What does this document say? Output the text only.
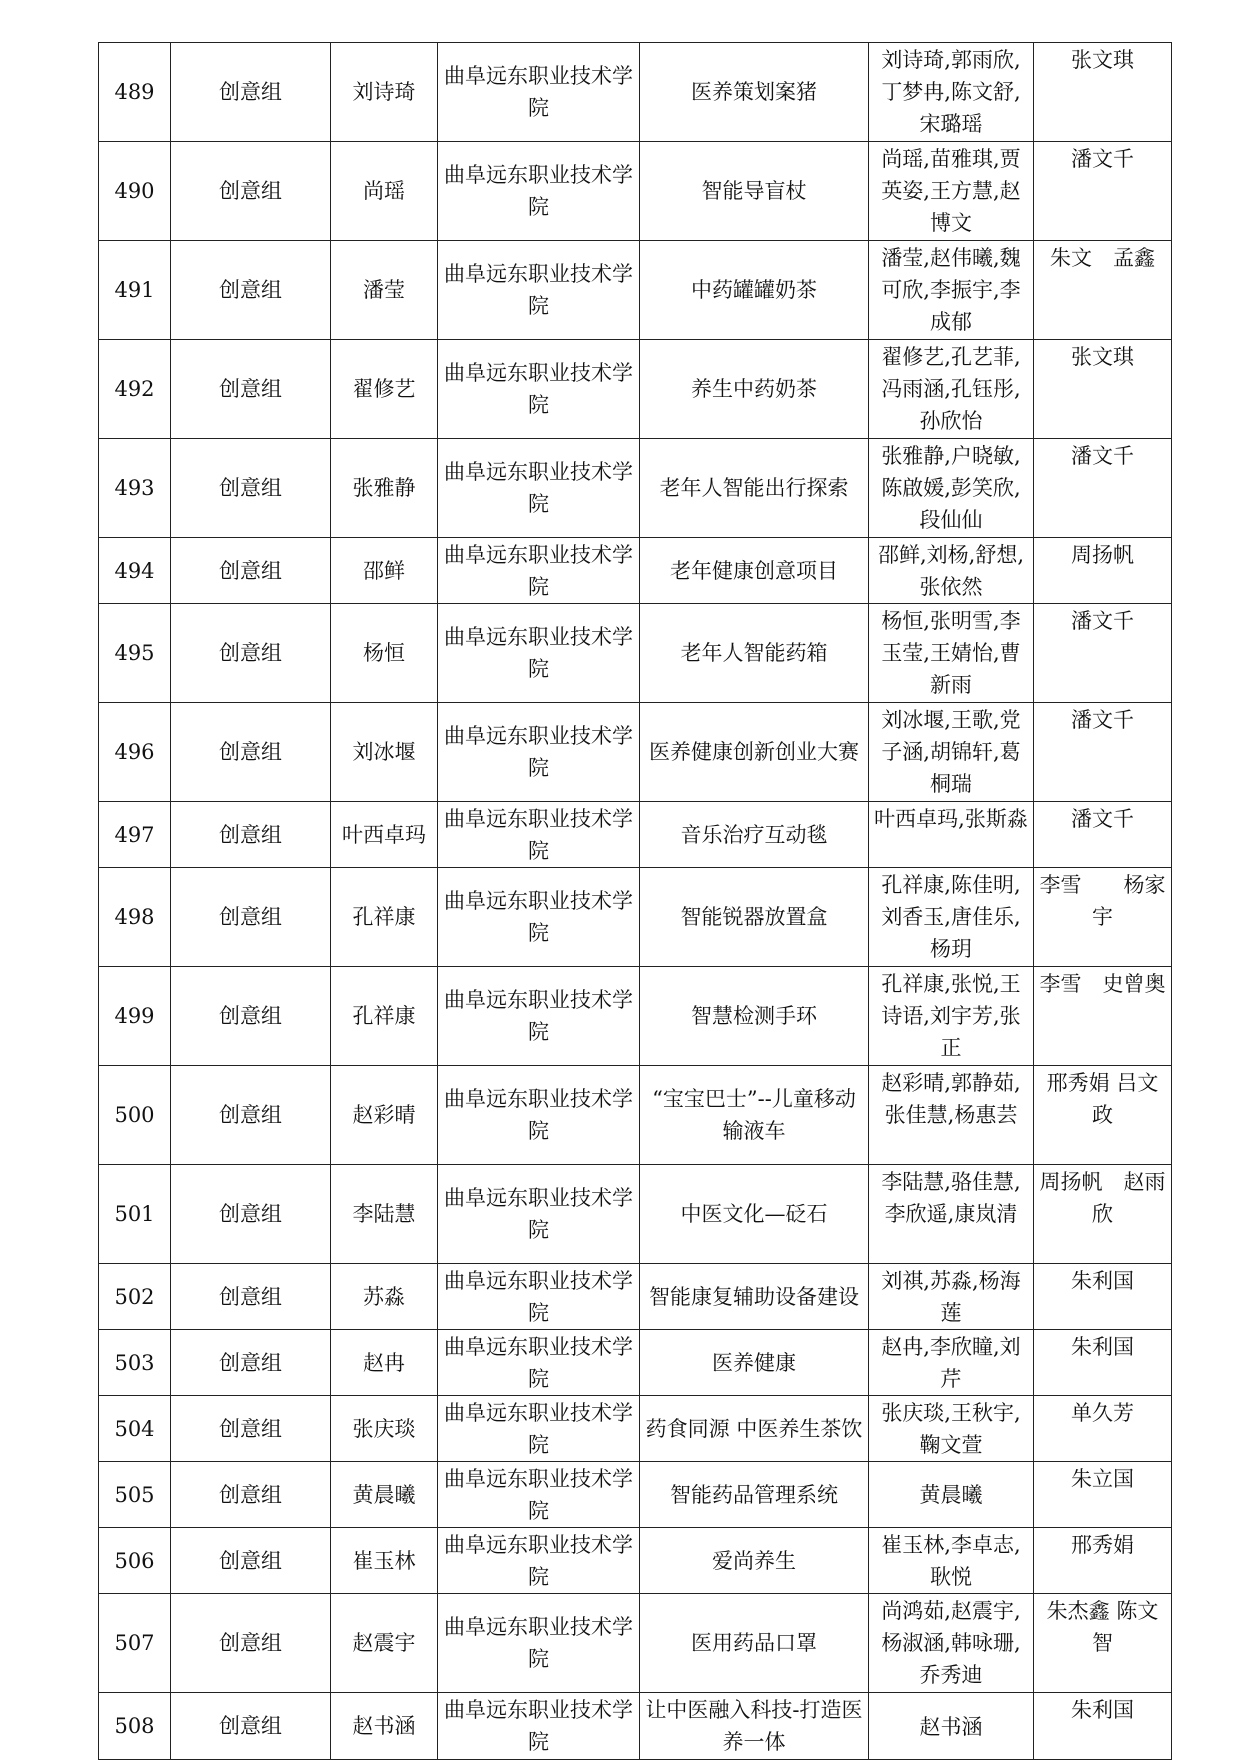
489	创意组	刘诗琦	曲阜远东职业技术学院	医养策划案猪	刘诗琦,郭雨欣,丁梦冉,陈文舒,宋璐瑶	张文琪
490	创意组	尚瑶	曲阜远东职业技术学院	智能导盲杖	尚瑶,苗雅琪,贾英姿,王方慧,赵博文	潘文千
491	创意组	潘莹	曲阜远东职业技术学院	中药罐罐奶茶	潘莹,赵伟曦,魏可欣,李振宇,李成郁	朱文　孟鑫
492	创意组	翟修艺	曲阜远东职业技术学院	养生中药奶茶	翟修艺,孔艺菲,冯雨涵,孔钰彤,孙欣怡	张文琪
493	创意组	张雅静	曲阜远东职业技术学院	老年人智能出行探索	张雅静,户晓敏,陈啟媛,彭笑欣,段仙仙	潘文千
494	创意组	邵鲜	曲阜远东职业技术学院	老年健康创意项目	邵鲜,刘杨,舒想,张依然	周扬帆
495	创意组	杨恒	曲阜远东职业技术学院	老年人智能药箱	杨恒,张明雪,李玉莹,王婧怡,曹新雨	潘文千
496	创意组	刘冰堰	曲阜远东职业技术学院	医养健康创新创业大赛	刘冰堰,王歌,党子涵,胡锦轩,葛桐瑞	潘文千
497	创意组	叶西卓玛	曲阜远东职业技术学院	音乐治疗互动毯	叶西卓玛,张斯淼	潘文千
498	创意组	孔祥康	曲阜远东职业技术学院	智能锐器放置盒	孔祥康,陈佳明,刘香玉,唐佳乐,杨玥	李雪　　杨家宇
499	创意组	孔祥康	曲阜远东职业技术学院	智慧检测手环	孔祥康,张悦,王诗语,刘宇芳,张正	李雪　史曾奥
500	创意组	赵彩晴	曲阜远东职业技术学院	“宝宝巴士”--儿童移动输液车	赵彩晴,郭静茹,张佳慧,杨惠芸	邢秀娟 吕文政
501	创意组	李陆慧	曲阜远东职业技术学院	中医文化—砭石	李陆慧,骆佳慧,李欣遥,康岚清	周扬帆　赵雨欣
502	创意组	苏淼	曲阜远东职业技术学院	智能康复辅助设备建设	刘祺,苏淼,杨海莲	朱利国
503	创意组	赵冉	曲阜远东职业技术学院	医养健康	赵冉,李欣瞳,刘芹	朱利国
504	创意组	张庆琰	曲阜远东职业技术学院	药食同源 中医养生茶饮	张庆琰,王秋宇,鞠文萱	单久芳
505	创意组	黄晨曦	曲阜远东职业技术学院	智能药品管理系统	黄晨曦	朱立国
506	创意组	崔玉林	曲阜远东职业技术学院	爱尚养生	崔玉林,李卓志,耿悦	邢秀娟
507	创意组	赵震宇	曲阜远东职业技术学院	医用药品口罩	尚鸿茹,赵震宇,杨淑涵,韩咏珊,乔秀迪	朱杰鑫 陈文智
508	创意组	赵书涵	曲阜远东职业技术学院	让中医融入科技-打造医养一体	赵书涵	朱利国
